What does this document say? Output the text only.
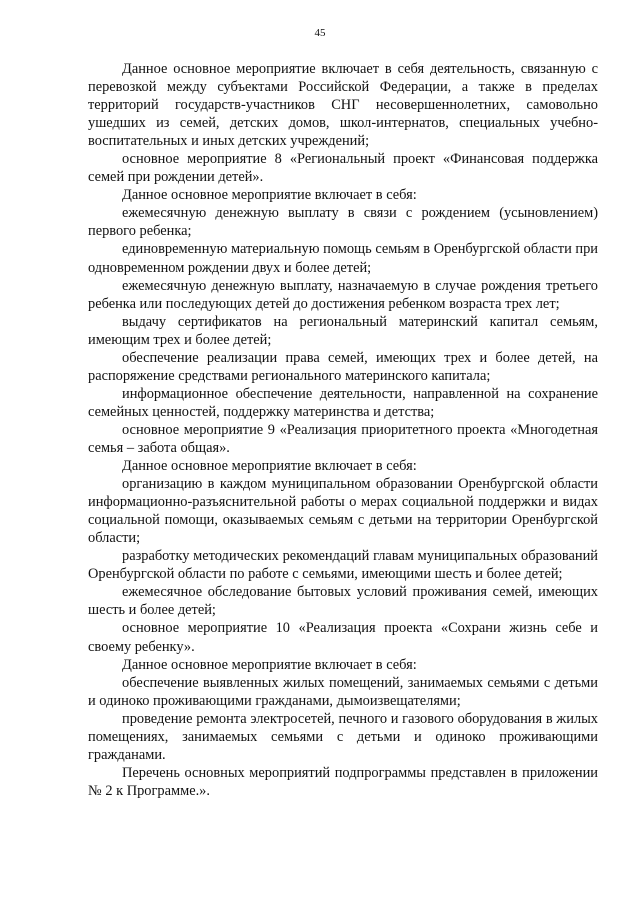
45

Данное основное мероприятие включает в себя деятельность, связанную с перевозкой между субъектами Российской Федерации, а также в пределах территорий государств-участников СНГ несовершеннолетних, самовольно ушедших из семей, детских домов, школ-интернатов, специальных учебно-воспитательных и иных детских учреждений;

основное мероприятие 8 «Региональный проект «Финансовая поддержка семей при рождении детей».

Данное основное мероприятие включает в себя:

ежемесячную денежную выплату в связи с рождением (усыновлением) первого ребенка;

единовременную материальную помощь семьям в Оренбургской области при одновременном рождении двух и более детей;

ежемесячную денежную выплату, назначаемую в случае рождения третьего ребенка или последующих детей до достижения ребенком возраста трех лет;

выдачу сертификатов на региональный материнский капитал семьям, имеющим трех и более детей;

обеспечение реализации права семей, имеющих трех и более детей, на распоряжение средствами регионального материнского капитала;

информационное обеспечение деятельности, направленной на сохранение семейных ценностей, поддержку материнства и детства;

основное мероприятие 9 «Реализация приоритетного проекта «Многодетная семья – забота общая».

Данное основное мероприятие включает в себя:

организацию в каждом муниципальном образовании Оренбургской области информационно-разъяснительной работы о мерах социальной поддержки и видах социальной помощи, оказываемых семьям с детьми на территории Оренбургской области;

разработку методических рекомендаций главам муниципальных образований Оренбургской области по работе с семьями, имеющими шесть и более детей;

ежемесячное обследование бытовых условий проживания семей, имеющих шесть и более детей;

основное мероприятие 10 «Реализация проекта «Сохрани жизнь себе и своему ребенку».

Данное основное мероприятие включает в себя:

обеспечение выявленных жилых помещений, занимаемых семьями с детьми и одиноко проживающими гражданами, дымоизвещателями;

проведение ремонта электросетей, печного и газового оборудования в жилых помещениях, занимаемых семьями с детьми и одиноко проживающими гражданами.

Перечень основных мероприятий подпрограммы представлен в приложении № 2 к Программе.».
